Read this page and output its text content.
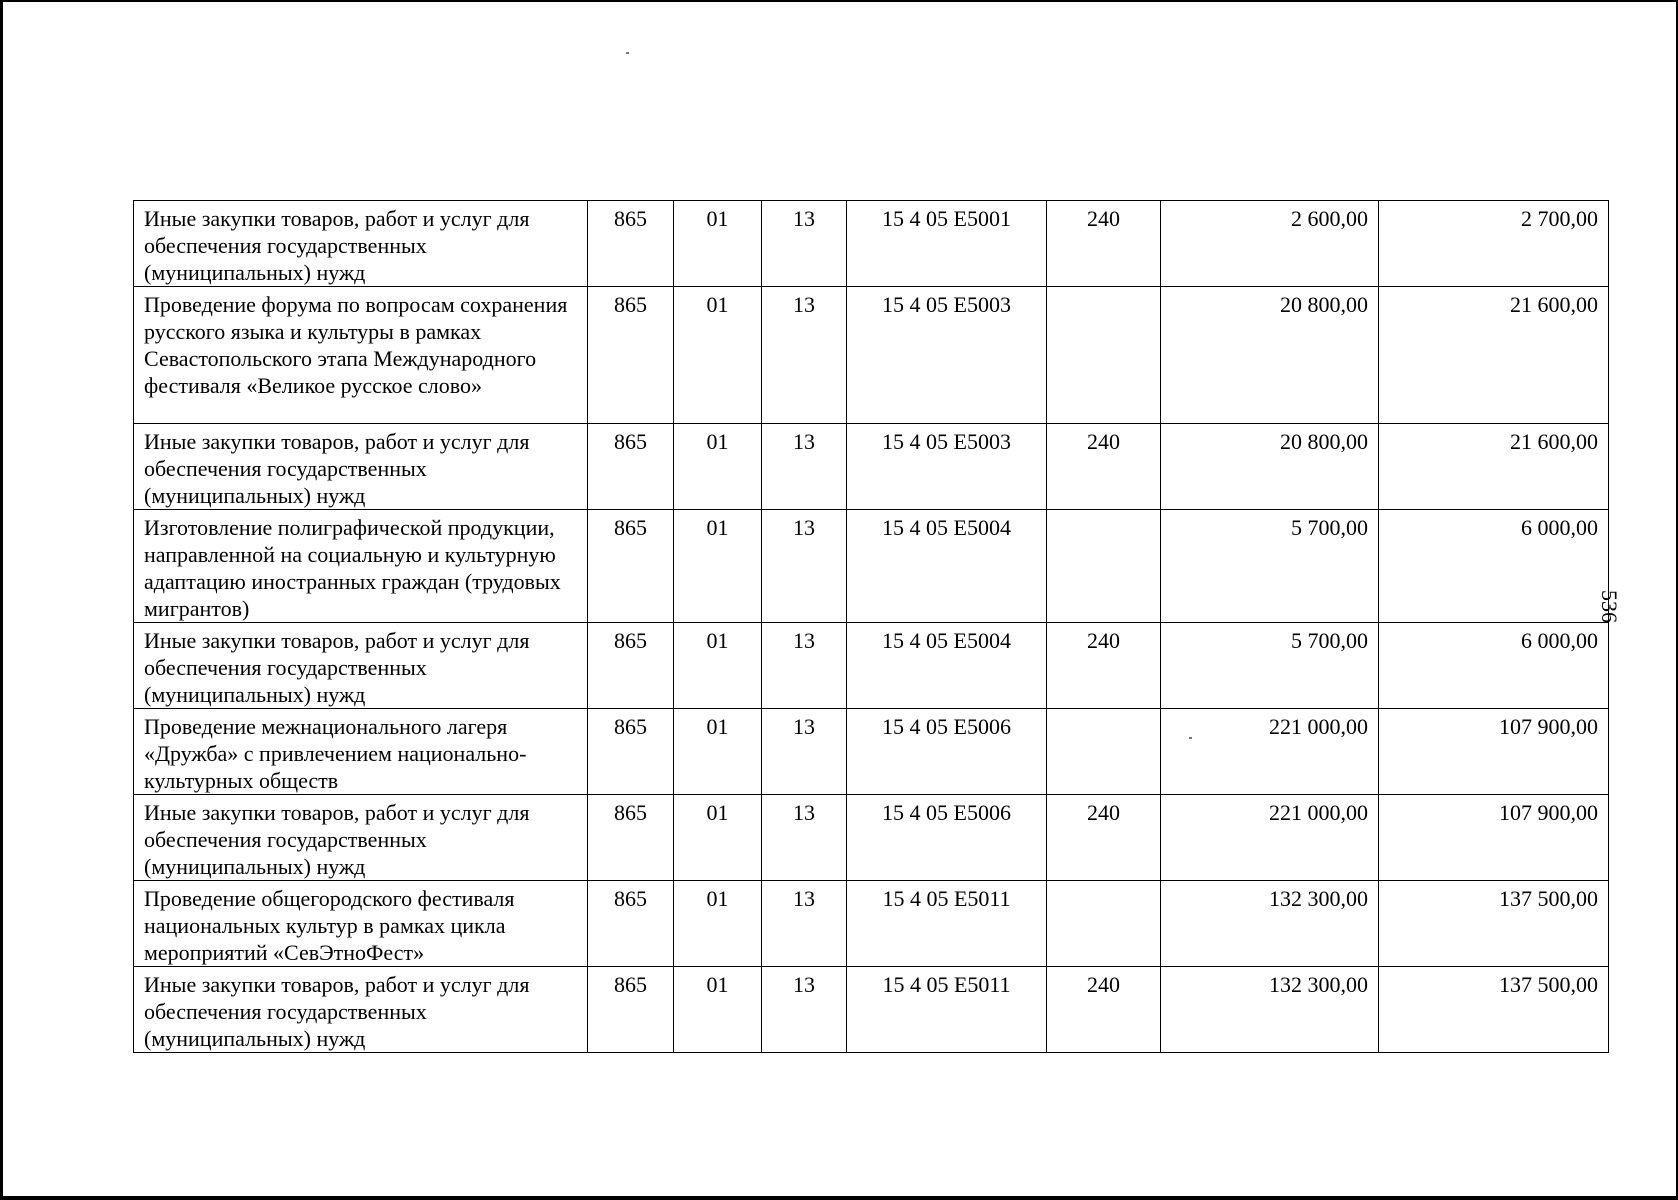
Иные закупки товаров, работ и услуг для обеспечения государственных (муниципальных) нужд	865	01	13	15 4 05 E5001	240	2 600,00	2 700,00
Проведение форума по вопросам сохранения русского языка и культуры в рамках Севастопольского этапа Международного фестиваля «Великое русское слово»	865	01	13	15 4 05 E5003		20 800,00	21 600,00
Иные закупки товаров, работ и услуг для обеспечения государственных (муниципальных) нужд	865	01	13	15 4 05 E5003	240	20 800,00	21 600,00
Изготовление полиграфической продукции, направленной на социальную и культурную адаптацию иностранных граждан (трудовых мигрантов)	865	01	13	15 4 05 E5004		5 700,00	6 000,00
Иные закупки товаров, работ и услуг для обеспечения государственных (муниципальных) нужд	865	01	13	15 4 05 E5004	240	5 700,00	6 000,00
Проведение межнационального лагеря «Дружба» с привлечением национально-культурных обществ	865	01	13	15 4 05 E5006		221 000,00	107 900,00
Иные закупки товаров, работ и услуг для обеспечения государственных (муниципальных) нужд	865	01	13	15 4 05 E5006	240	221 000,00	107 900,00
Проведение общегородского фестиваля национальных культур в рамках цикла мероприятий «СевЭтноФест»	865	01	13	15 4 05 E5011		132 300,00	137 500,00
Иные закупки товаров, работ и услуг для обеспечения государственных (муниципальных) нужд	865	01	13	15 4 05 E5011	240	132 300,00	137 500,00
536
